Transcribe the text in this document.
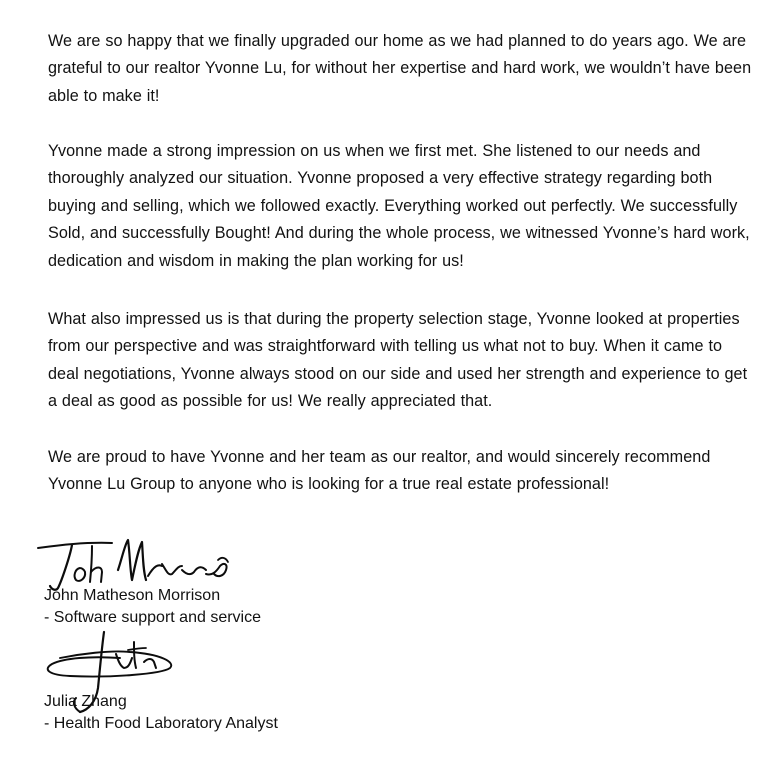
We are so happy that we finally upgraded our home as we had planned to do years ago. We are grateful to our realtor Yvonne Lu, for without her expertise and hard work, we wouldn’t have been able to make it!

Yvonne made a strong impression on us when we first met. She listened to our needs and thoroughly analyzed our situation. Yvonne proposed a very effective strategy regarding both buying and selling, which we followed exactly. Everything worked out perfectly. We successfully Sold, and successfully Bought! And during the whole process, we witnessed Yvonne’s hard work, dedication and wisdom in making the plan working for us!

What also impressed us is that during the property selection stage, Yvonne looked at properties from our perspective and was straightforward with telling us what not to buy. When it came to deal negotiations, Yvonne always stood on our side and used her strength and experience to get a deal as good as possible for us! We really appreciated that.

We are proud to have Yvonne and her team as our realtor, and would sincerely recommend Yvonne Lu Group to anyone who is looking for a true real estate professional!

John Matheson Morrison

- Software support and service

Julia Zhang

- Health Food Laboratory Analyst
